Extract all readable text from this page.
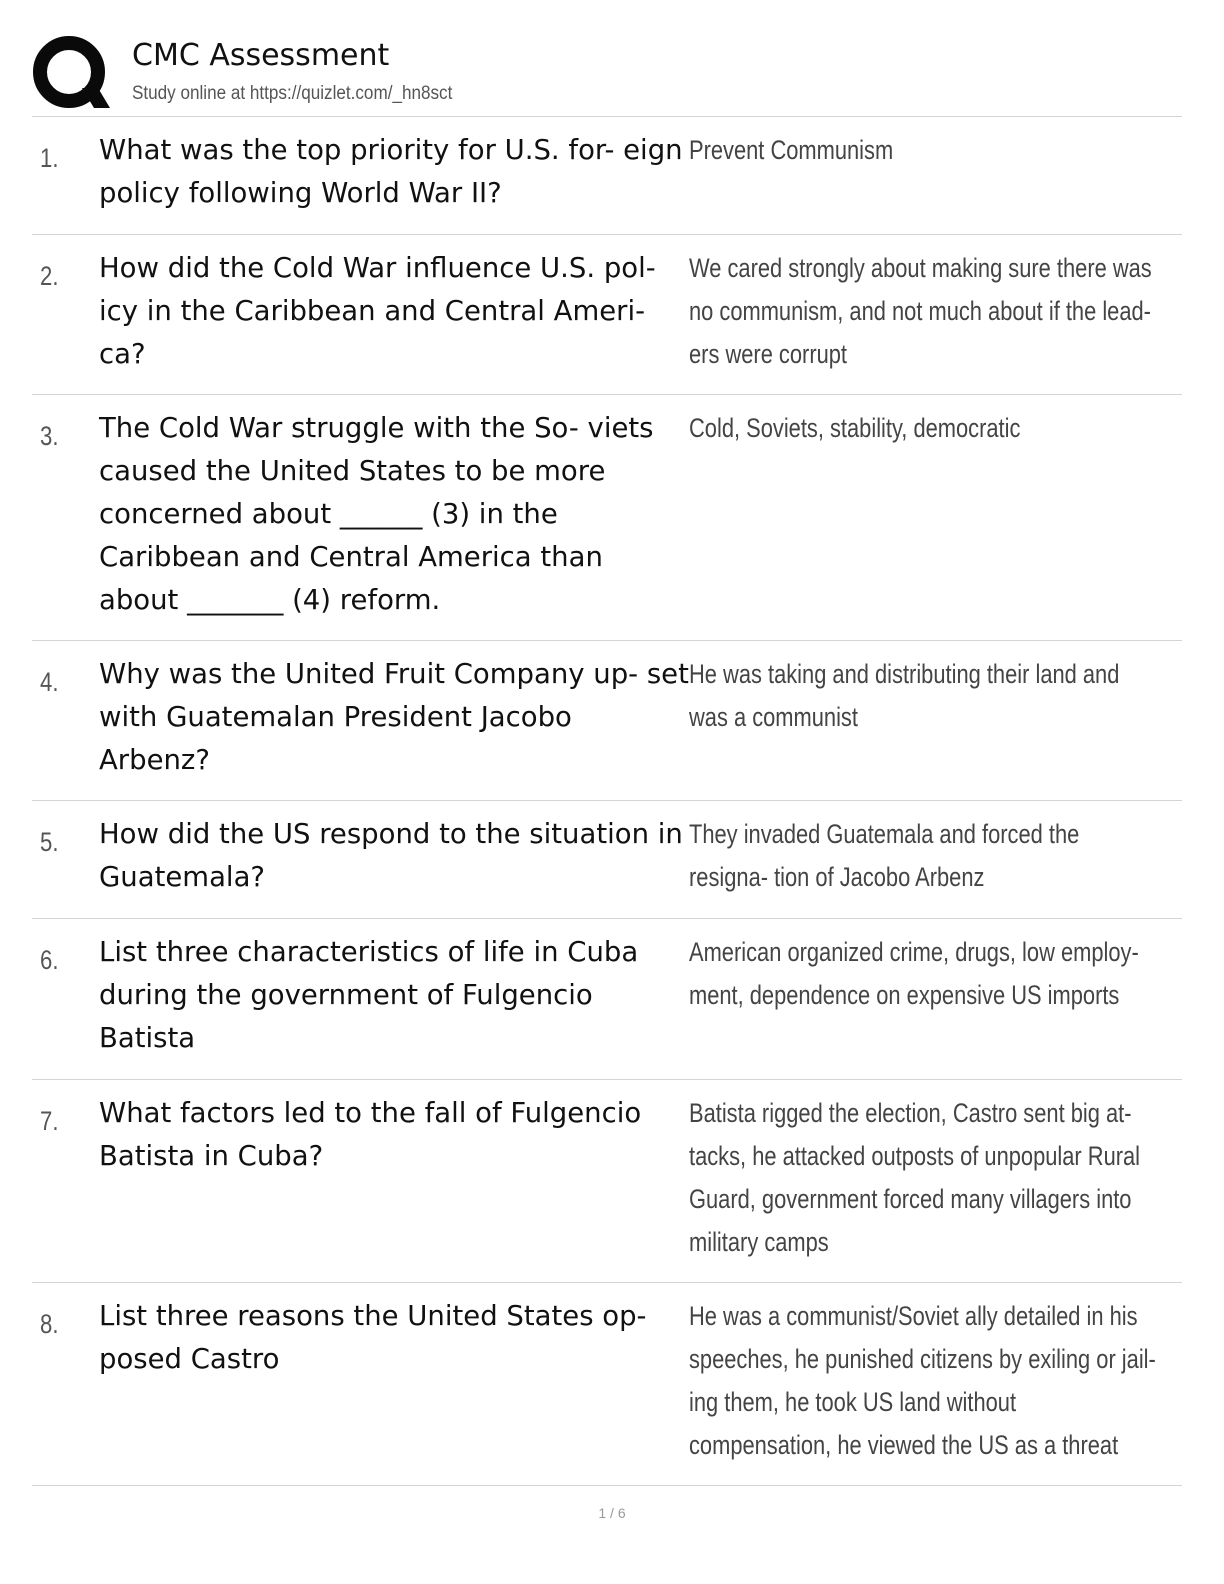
CMC Assessment
Study online at https://quizlet.com/_hn8sct
1. What was the top priority for U.S. for- eign policy following World War II?
Prevent Communism
2. How did the Cold War influence U.S. pol- icy in the Caribbean and Central Ameri- ca?
We cared strongly about making sure there was no communism, and not much about if the lead- ers were corrupt
3. The Cold War struggle with the So- viets caused the United States to be more concerned about ______ (3) in the Caribbean and Central America than about _______ (4) reform.
Cold, Soviets, stability, democratic
4. Why was the United Fruit Company up- set with Guatemalan President Jacobo Arbenz?
He was taking and distributing their land and was a communist
5. How did the US respond to the situation in Guatemala?
They invaded Guatemala and forced the resigna- tion of Jacobo Arbenz
6. List three characteristics of life in Cuba during the government of Fulgencio Batista
American organized crime, drugs, low employ- ment, dependence on expensive US imports
7. What factors led to the fall of Fulgencio Batista in Cuba?
Batista rigged the election, Castro sent big at- tacks, he attacked outposts of unpopular Rural Guard, government forced many villagers into military camps
8. List three reasons the United States op- posed Castro
He was a communist/Soviet ally detailed in his speeches, he punished citizens by exiling or jail- ing them, he took US land without compensation, he viewed the US as a threat
1 / 6
